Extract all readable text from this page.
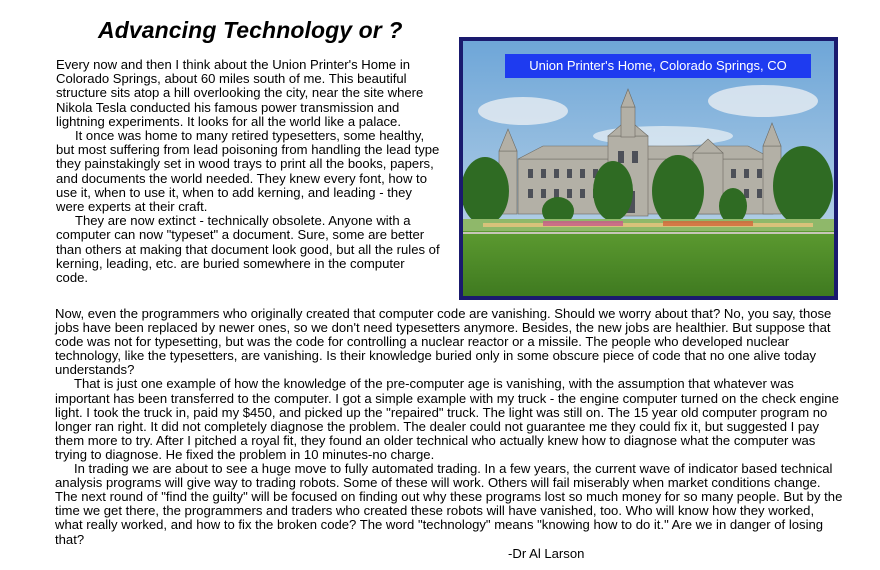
Advancing Technology or ?
Union Printer's Home, Colorado Springs, CO

Every now and then I think about the Union Printer's Home in Colorado Springs, about 60 miles south of me. This beautiful structure sits atop a hill overlooking the city, near the site where Nikola Tesla conducted his famous power transmission and lightning experiments. It looks for all the world like a palace.

It once was home to many retired typesetters, some healthy, but most suffering from lead poisoning from handling the lead type they painstakingly set in wood trays to print all the books, papers, and documents the world needed. They knew every font, how to use it, when to use it, when to add kerning, and leading - they were experts at their craft.

They are now extinct - technically obsolete. Anyone with a computer can now "typeset" a document. Sure, some are better than others at making that document look good, but all the rules of kerning, leading, etc. are buried somewhere in the computer code.

Now, even the programmers who originally created that computer code are vanishing. Should we worry about that? No, you say, those jobs have been replaced by newer ones, so we don't need typesetters anymore. Besides, the new jobs are healthier. But suppose that code was not for typesetting, but was the code for controlling a nuclear reactor or a missile. The people who developed nuclear technology, like the typesetters, are vanishing. Is their knowledge buried only in some obscure piece of code that no one alive today understands?

That is just one example of how the knowledge of the pre-computer age is vanishing, with the assumption that whatever was important has been transferred to the computer. I got a simple example with my truck - the engine computer turned on the check engine light. I took the truck in, paid my $450, and picked up the "repaired" truck. The light was still on. The 15 year old computer program no longer ran right. It did not completely diagnose the problem. The dealer could not guarantee me they could fix it, but suggested I pay them more to try. After I pitched a royal fit, they found an older technical who actually knew how to diagnose what the computer was trying to diagnose. He fixed the problem in 10 minutes-no charge.

In trading we are about to see a huge move to fully automated trading. In a few years, the current wave of indicator based technical analysis programs will give way to trading robots. Some of these will work. Others will fail miserably when market conditions change. The next round of "find the guilty" will be focused on finding out why these programs lost so much money for so many people. But by the time we get there, the programmers and traders who created these robots will have vanished, too. Who will know how they worked, what really worked, and how to fix the broken code? The word "technology" means "knowing how to do it." Are we in danger of losing that?

-Dr Al Larson
